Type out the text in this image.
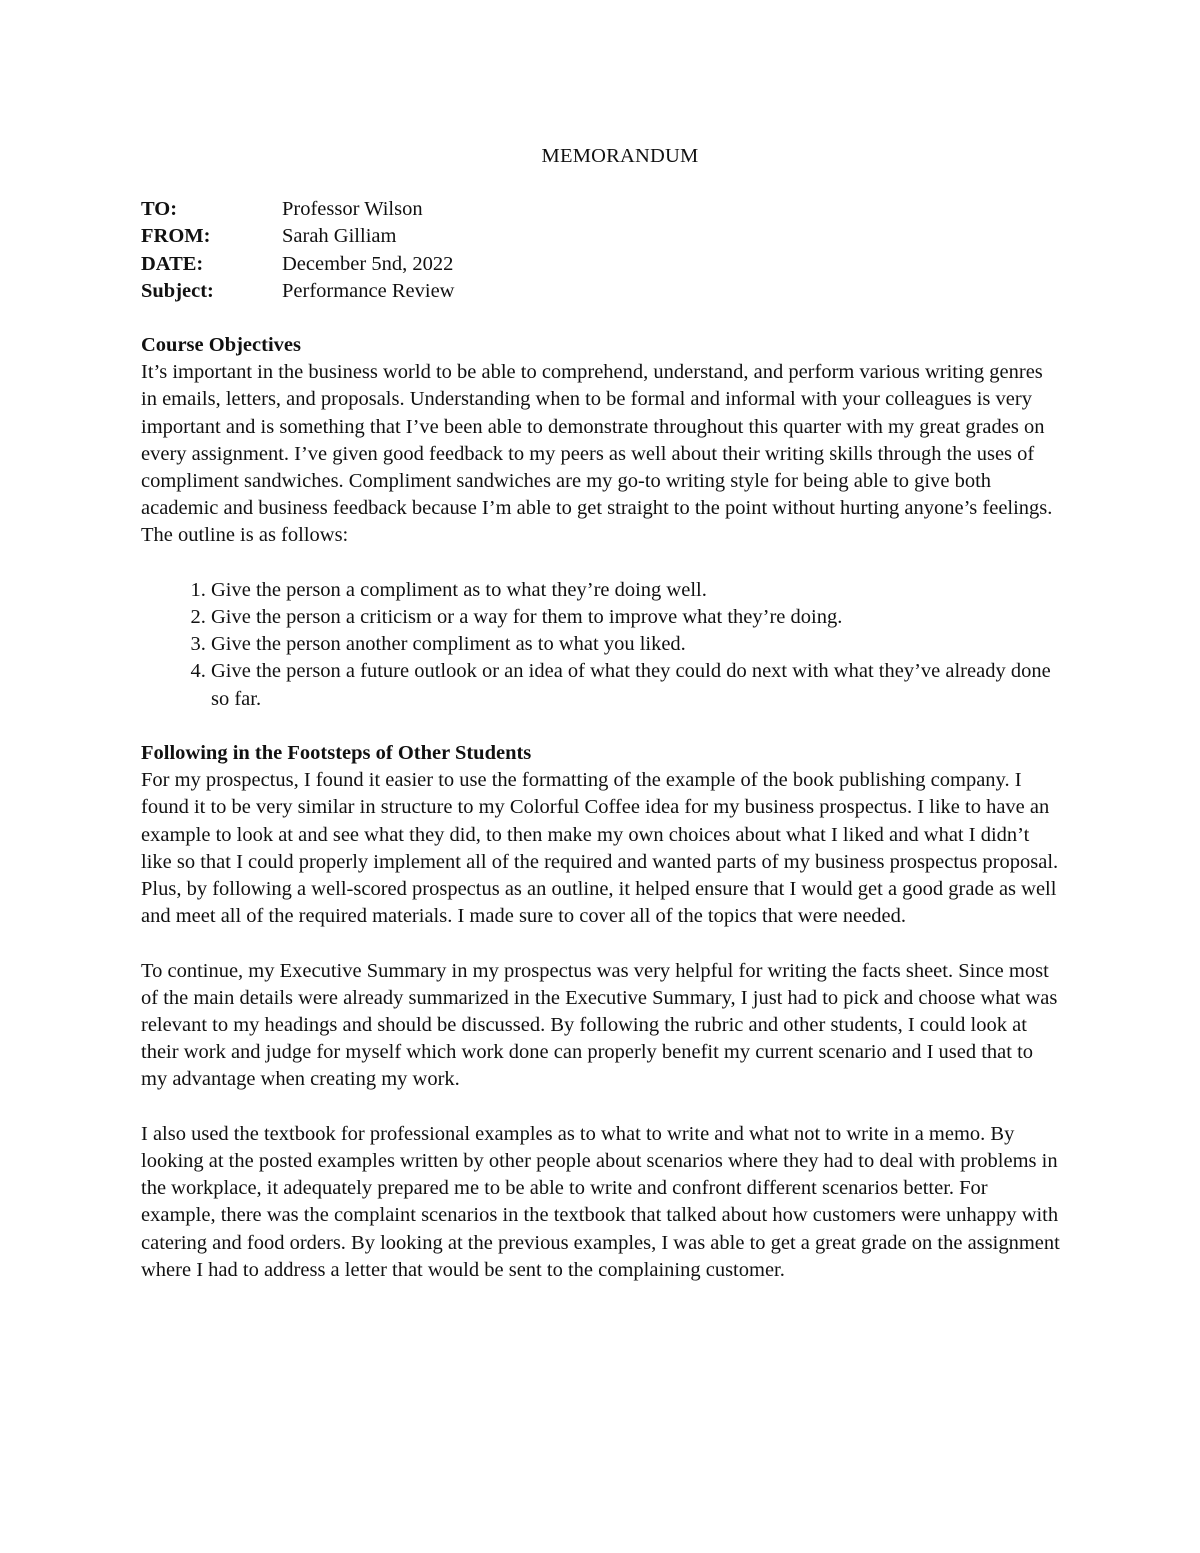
MEMORANDUM
TO:	Professor Wilson
FROM:	Sarah Gilliam
DATE:	December 5nd, 2022
Subject:	Performance Review

Course Objectives

It’s important in the business world to be able to comprehend, understand, and perform various writing genres in emails, letters, and proposals. Understanding when to be formal and informal with your colleagues is very important and is something that I’ve been able to demonstrate throughout this quarter with my great grades on every assignment. I’ve given good feedback to my peers as well about their writing skills through the uses of compliment sandwiches. Compliment sandwiches are my go-to writing style for being able to give both academic and business feedback because I’m able to get straight to the point without hurting anyone’s feelings. The outline is as follows:

1. Give the person a compliment as to what they’re doing well.
2. Give the person a criticism or a way for them to improve what they’re doing.
3. Give the person another compliment as to what you liked.
4. Give the person a future outlook or an idea of what they could do next with what they’ve already done so far.

Following in the Footsteps of Other Students

For my prospectus, I found it easier to use the formatting of the example of the book publishing company. I found it to be very similar in structure to my Colorful Coffee idea for my business prospectus. I like to have an example to look at and see what they did, to then make my own choices about what I liked and what I didn’t like so that I could properly implement all of the required and wanted parts of my business prospectus proposal. Plus, by following a well-scored prospectus as an outline, it helped ensure that I would get a good grade as well and meet all of the required materials. I made sure to cover all of the topics that were needed.

To continue, my Executive Summary in my prospectus was very helpful for writing the facts sheet. Since most of the main details were already summarized in the Executive Summary, I just had to pick and choose what was relevant to my headings and should be discussed. By following the rubric and other students, I could look at their work and judge for myself which work done can properly benefit my current scenario and I used that to my advantage when creating my work.

I also used the textbook for professional examples as to what to write and what not to write in a memo. By looking at the posted examples written by other people about scenarios where they had to deal with problems in the workplace, it adequately prepared me to be able to write and confront different scenarios better. For example, there was the complaint scenarios in the textbook that talked about how customers were unhappy with catering and food orders. By looking at the previous examples, I was able to get a great grade on the assignment where I had to address a letter that would be sent to the complaining customer.
